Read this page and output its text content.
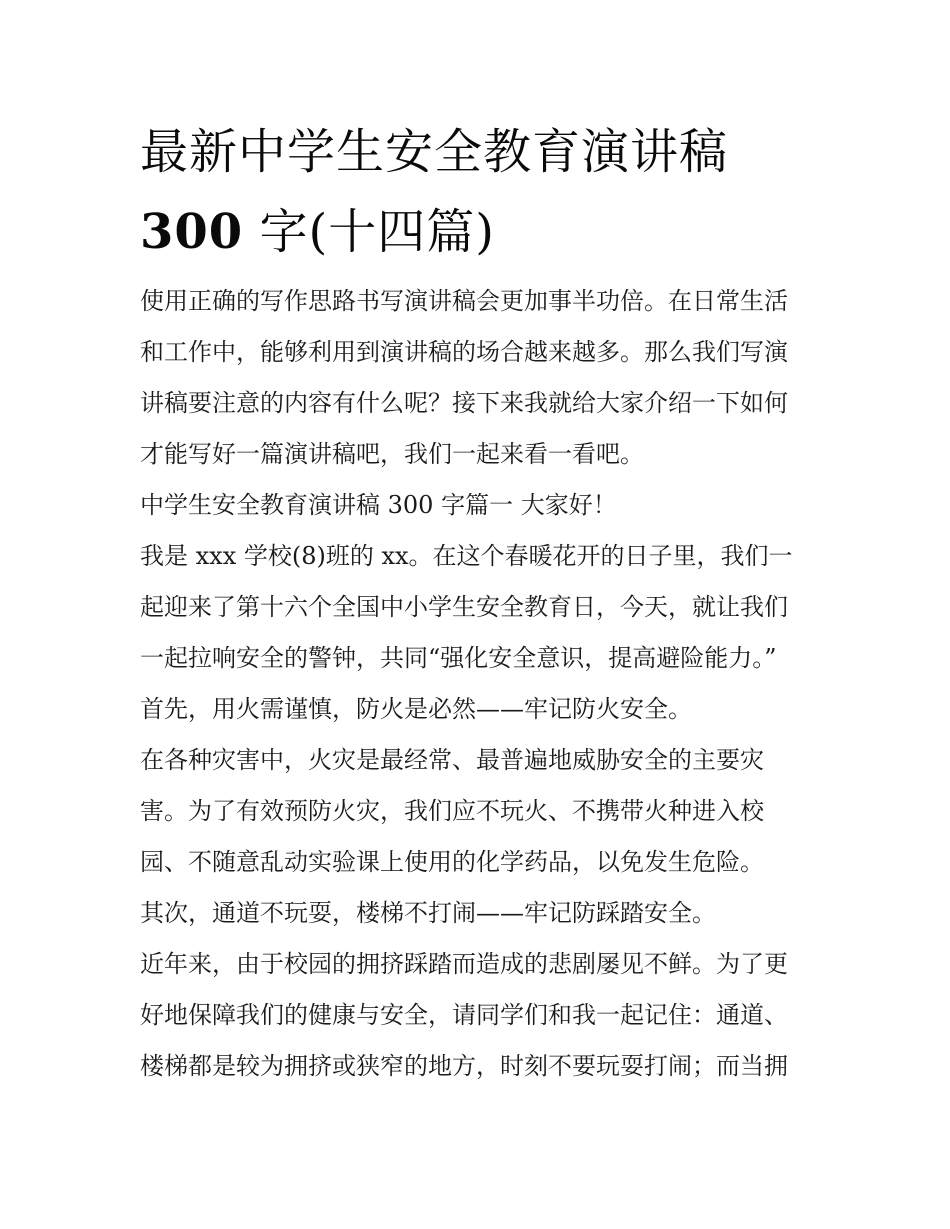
最新中学生安全教育演讲稿
300 字(十四篇)
使用正确的写作思路书写演讲稿会更加事半功倍。在日常生活
和工作中，能够利用到演讲稿的场合越来越多。那么我们写演
讲稿要注意的内容有什么呢？接下来我就给大家介绍一下如何
才能写好一篇演讲稿吧，我们一起来看一看吧。
中学生安全教育演讲稿 300 字篇一 大家好！
我是 xxx 学校(8)班的 xx。在这个春暖花开的日子里，我们一
起迎来了第十六个全国中小学生安全教育日，今天，就让我们
一起拉响安全的警钟，共同“强化安全意识，提高避险能力。”
首先，用火需谨慎，防火是必然——牢记防火安全。
在各种灾害中，火灾是最经常、最普遍地威胁安全的主要灾
害。为了有效预防火灾，我们应不玩火、不携带火种进入校
园、不随意乱动实验课上使用的化学药品，以免发生危险。
其次，通道不玩耍，楼梯不打闹——牢记防踩踏安全。
近年来，由于校园的拥挤踩踏而造成的悲剧屡见不鲜。为了更
好地保障我们的健康与安全，请同学们和我一起记住：通道、
楼梯都是较为拥挤或狭窄的地方，时刻不要玩耍打闹；而当拥
